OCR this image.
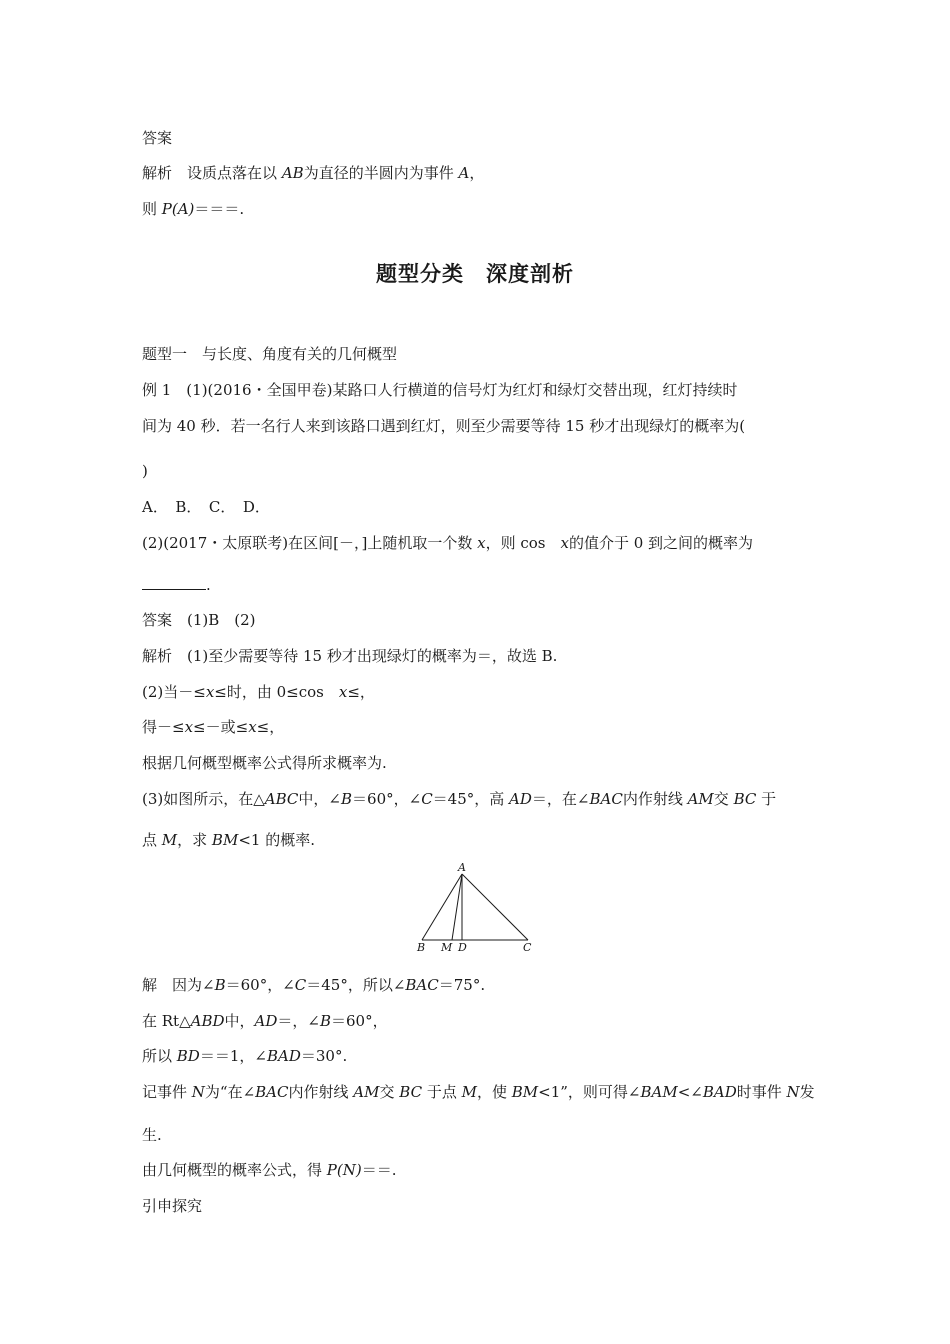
答案
解析　 设质点落在以 AB为直径的半圆内为事件 A，
则 P(A)＝＝＝.
题型分类　深度剖析
题型一　与长度、角度有关的几何概型
例 1　(1)(2016・全国甲卷)某路口人行横道的信号灯为红灯和绿灯交替出现，红灯持续时
间为 40 秒．若一名行人来到该路口遇到红灯，则至少需要等待 15 秒才出现绿灯的概率为(
)
A．　B．　C．　D．
(2)(2017・太原联考)在区间[－，]上随机取一个数 x，则 cos　x的值介于 0 到之间的概率为
.
答案　(1)B　(2)
解析　(1)至少需要等待 15 秒才出现绿灯的概率为＝，故选 B.
(2)当－≤x≤时，由 0≤cos　x≤，
得－≤x≤－或≤x≤，
根据几何概型概率公式得所求概率为.
(3)如图所示，在△ABC中，∠B＝60°，∠C＝45°，高 AD＝，在∠BAC内作射线 AM交 BC 于
点 M，求 BM<1 的概率.
A
B M D	C
解　因为∠B＝60°，∠C＝45°，所以∠BAC＝75°.
在 Rt△ABD中，AD＝，∠B＝60°，
所以 BD＝＝1，∠BAD＝30°.
记事件 N为“在∠BAC内作射线 AM交 BC 于点 M，使 BM<1”，则可得∠BAM<∠BAD时事件 N发
生.
由几何概型的概率公式，得 P(N)＝＝.
引申探究
